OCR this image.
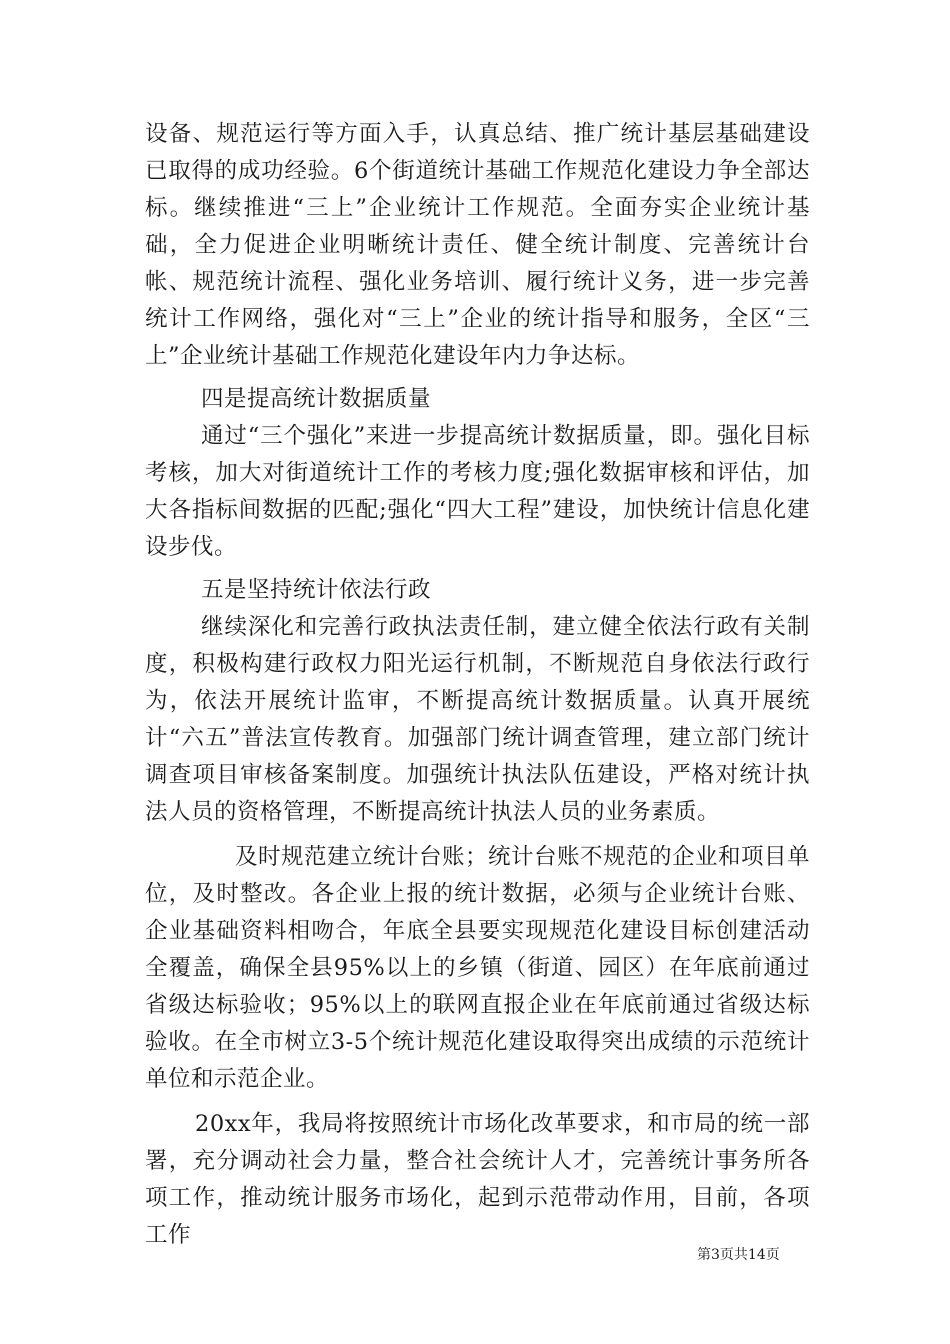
设备、规范运行等方面入手，认真总结、推广统计基层基础建设已取得的成功经验。6个街道统计基础工作规范化建设力争全部达标。继续推进“三上”企业统计工作规范。全面夯实企业统计基础，全力促进企业明晰统计责任、健全统计制度、完善统计台帐、规范统计流程、强化业务培训、履行统计义务，进一步完善统计工作网络，强化对“三上”企业的统计指导和服务，全区“三上”企业统计基础工作规范化建设年内力争达标。

四是提高统计数据质量

通过“三个强化”来进一步提高统计数据质量，即。强化目标考核，加大对街道统计工作的考核力度;强化数据审核和评估，加大各指标间数据的匹配;强化“四大工程”建设，加快统计信息化建设步伐。

五是坚持统计依法行政

继续深化和完善行政执法责任制，建立健全依法行政有关制度，积极构建行政权力阳光运行机制，不断规范自身依法行政行为，依法开展统计监审，不断提高统计数据质量。认真开展统计“六五”普法宣传教育。加强部门统计调查管理，建立部门统计调查项目审核备案制度。加强统计执法队伍建设，严格对统计执法人员的资格管理，不断提高统计执法人员的业务素质。

及时规范建立统计台账；统计台账不规范的企业和项目单位，及时整改。各企业上报的统计数据，必须与企业统计台账、企业基础资料相吻合，年底全县要实现规范化建设目标创建活动全覆盖，确保全县95%以上的乡镇（街道、园区）在年底前通过省级达标验收；95%以上的联网直报企业在年底前通过省级达标验收。在全市树立3-5个统计规范化建设取得突出成绩的示范统计单位和示范企业。

20xx年，我局将按照统计市场化改革要求，和市局的统一部署，充分调动社会力量，整合社会统计人才，完善统计事务所各项工作，推动统计服务市场化，起到示范带动作用，目前，各项工作

第3页共14页
